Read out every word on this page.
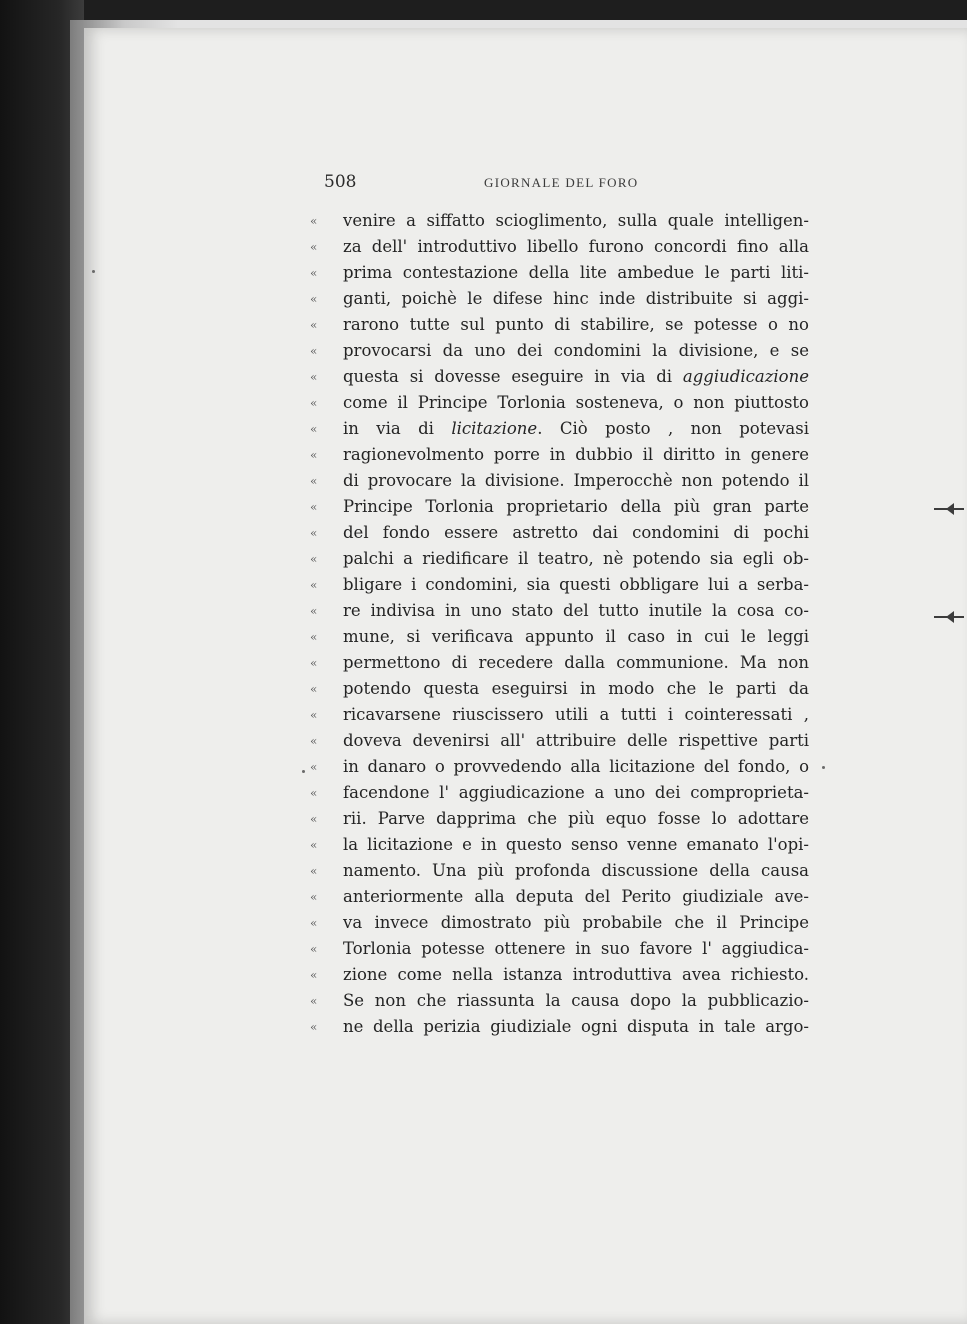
508	GIORNALE DEL FORO
« venire a siffatto scioglimento, sulla quale intelligen-
« za dell' introduttivo libello furono concordi fino alla
« prima contestazione della lite ambedue le parti liti-
« ganti, poichè le difese hinc inde distribuite si aggi-
« rarono tutte sul punto di stabilire, se potesse o no
« provocarsi da uno dei condomini la divisione, e se
« questa si dovesse eseguire in via di aggiudicazione
« come il Principe Torlonia sosteneva, o non piuttosto
« in via di licitazione. Ciò posto , non potevasi
« ragionevolmento porre in dubbio il diritto in genere
« di provocare la divisione. Imperocchè non potendo il
« Principe Torlonia proprietario della più gran parte
« del fondo essere astretto dai condomini di pochi
« palchi a riedificare il teatro, nè potendo sia egli ob-
« bligare i condomini, sia questi obbligare lui a serba-
« re indivisa in uno stato del tutto inutile la cosa co-
« mune, si verificava appunto il caso in cui le leggi
« permettono di recedere dalla communione. Ma non
« potendo questa eseguirsi in modo che le parti da
« ricavarsene riuscissero utili a tutti i cointeressati ,
« doveva devenirsi all' attribuire delle rispettive parti
« in danaro o provvedendo alla licitazione del fondo, o
« facendone l' aggiudicazione a uno dei comproprieta-
« rii. Parve dapprima che più equo fosse lo adottare
« la licitazione e in questo senso venne emanato l'opi-
« namento. Una più profonda discussione della causa
« anteriormente alla deputa del Perito giudiziale ave-
« va invece dimostrato più probabile che il Principe
« Torlonia potesse ottenere in suo favore l' aggiudica-
« zione come nella istanza introduttiva avea richiesto.
« Se non che riassunta la causa dopo la pubblicazio-
« ne della perizia giudiziale ogni disputa in tale argo-
